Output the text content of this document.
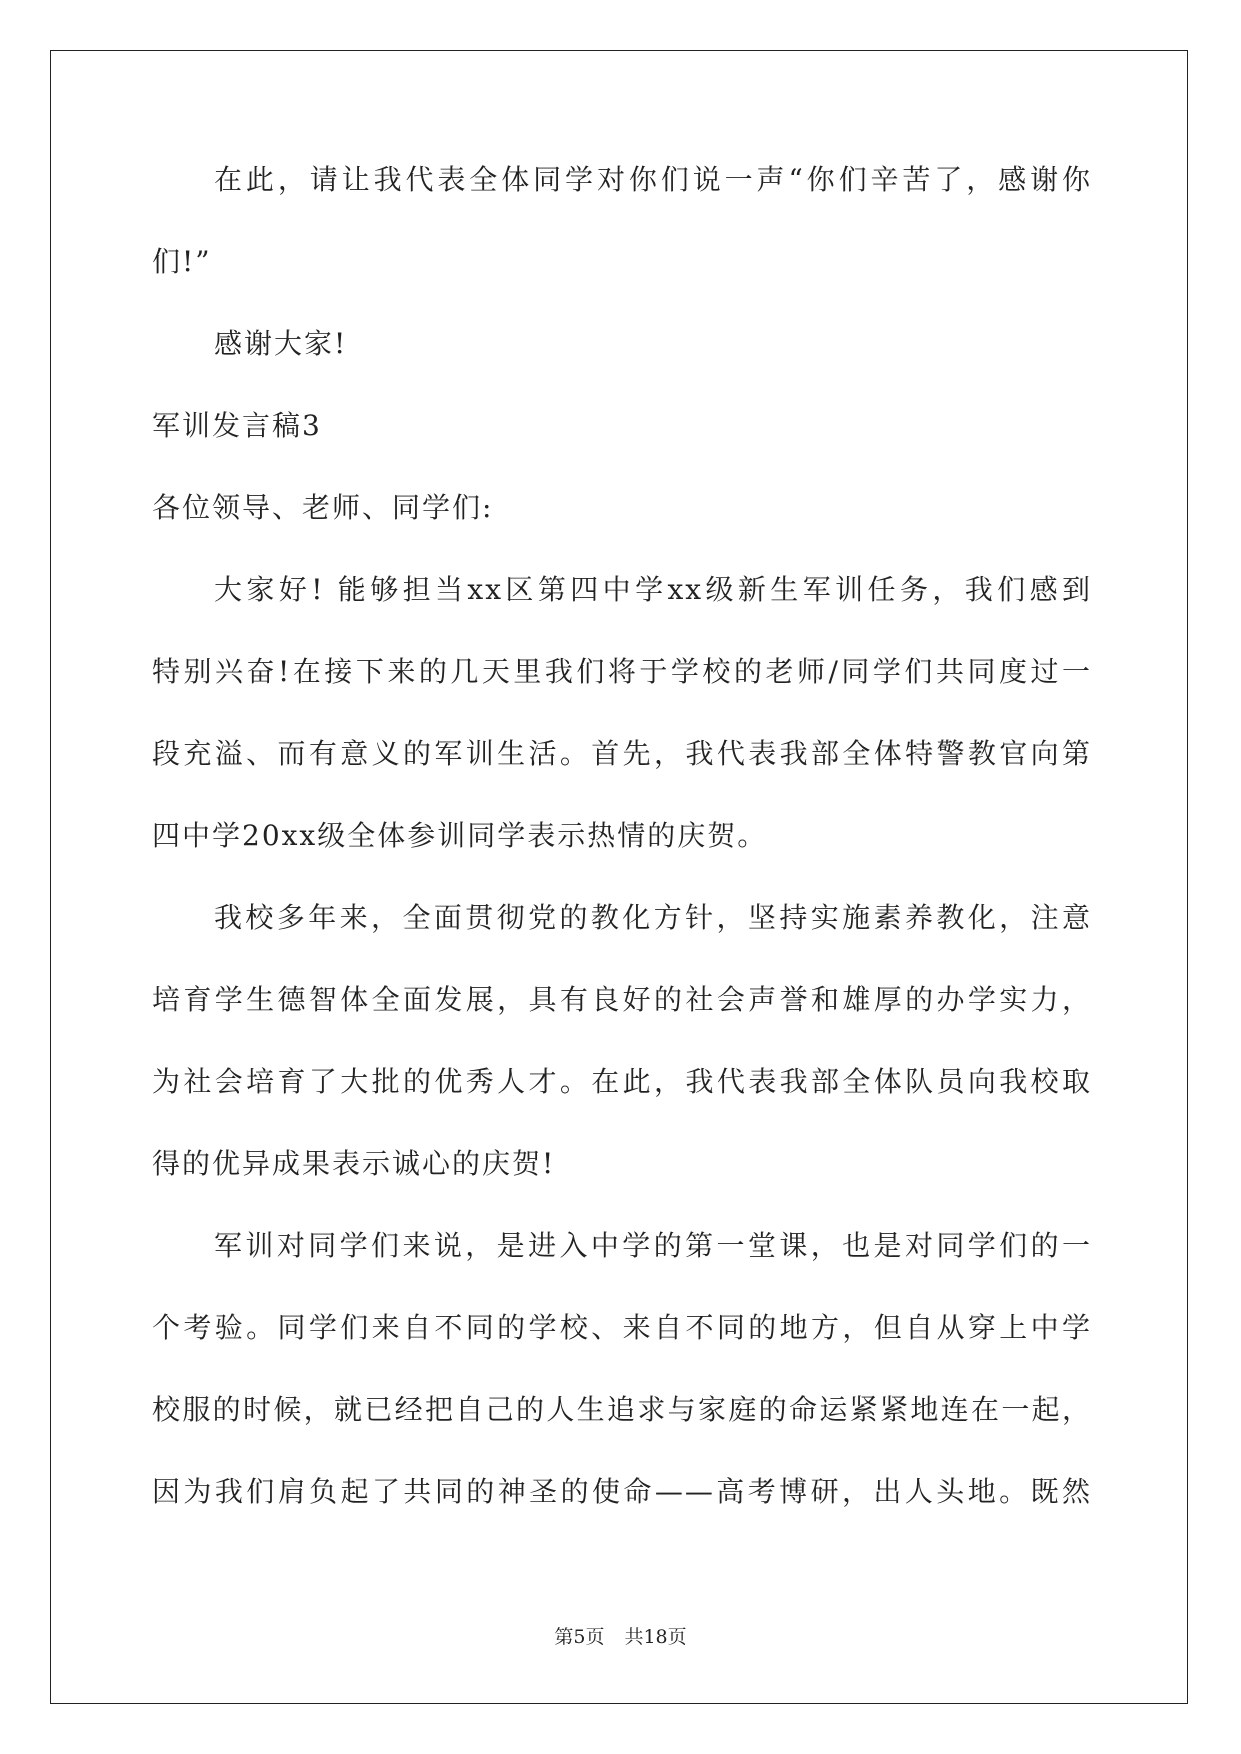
在此，请让我代表全体同学对你们说一声“你们辛苦了，感谢你
们!”
感谢大家!
军训发言稿3
各位领导、老师、同学们:
大家好! 能够担当xx区第四中学xx级新生军训任务，我们感到
特别兴奋!在接下来的几天里我们将于学校的老师/同学们共同度过一
段充溢、而有意义的军训生活。首先，我代表我部全体特警教官向第
四中学20xx级全体参训同学表示热情的庆贺。
我校多年来，全面贯彻党的教化方针，坚持实施素养教化，注意
培育学生德智体全面发展，具有良好的社会声誉和雄厚的办学实力，
为社会培育了大批的优秀人才。在此，我代表我部全体队员向我校取
得的优异成果表示诚心的庆贺!
军训对同学们来说，是进入中学的第一堂课，也是对同学们的一
个考验。同学们来自不同的学校、来自不同的地方，但自从穿上中学
校服的时候，就已经把自己的人生追求与家庭的命运紧紧地连在一起，
因为我们肩负起了共同的神圣的使命——高考博研，出人头地。既然
第5页 共18页
